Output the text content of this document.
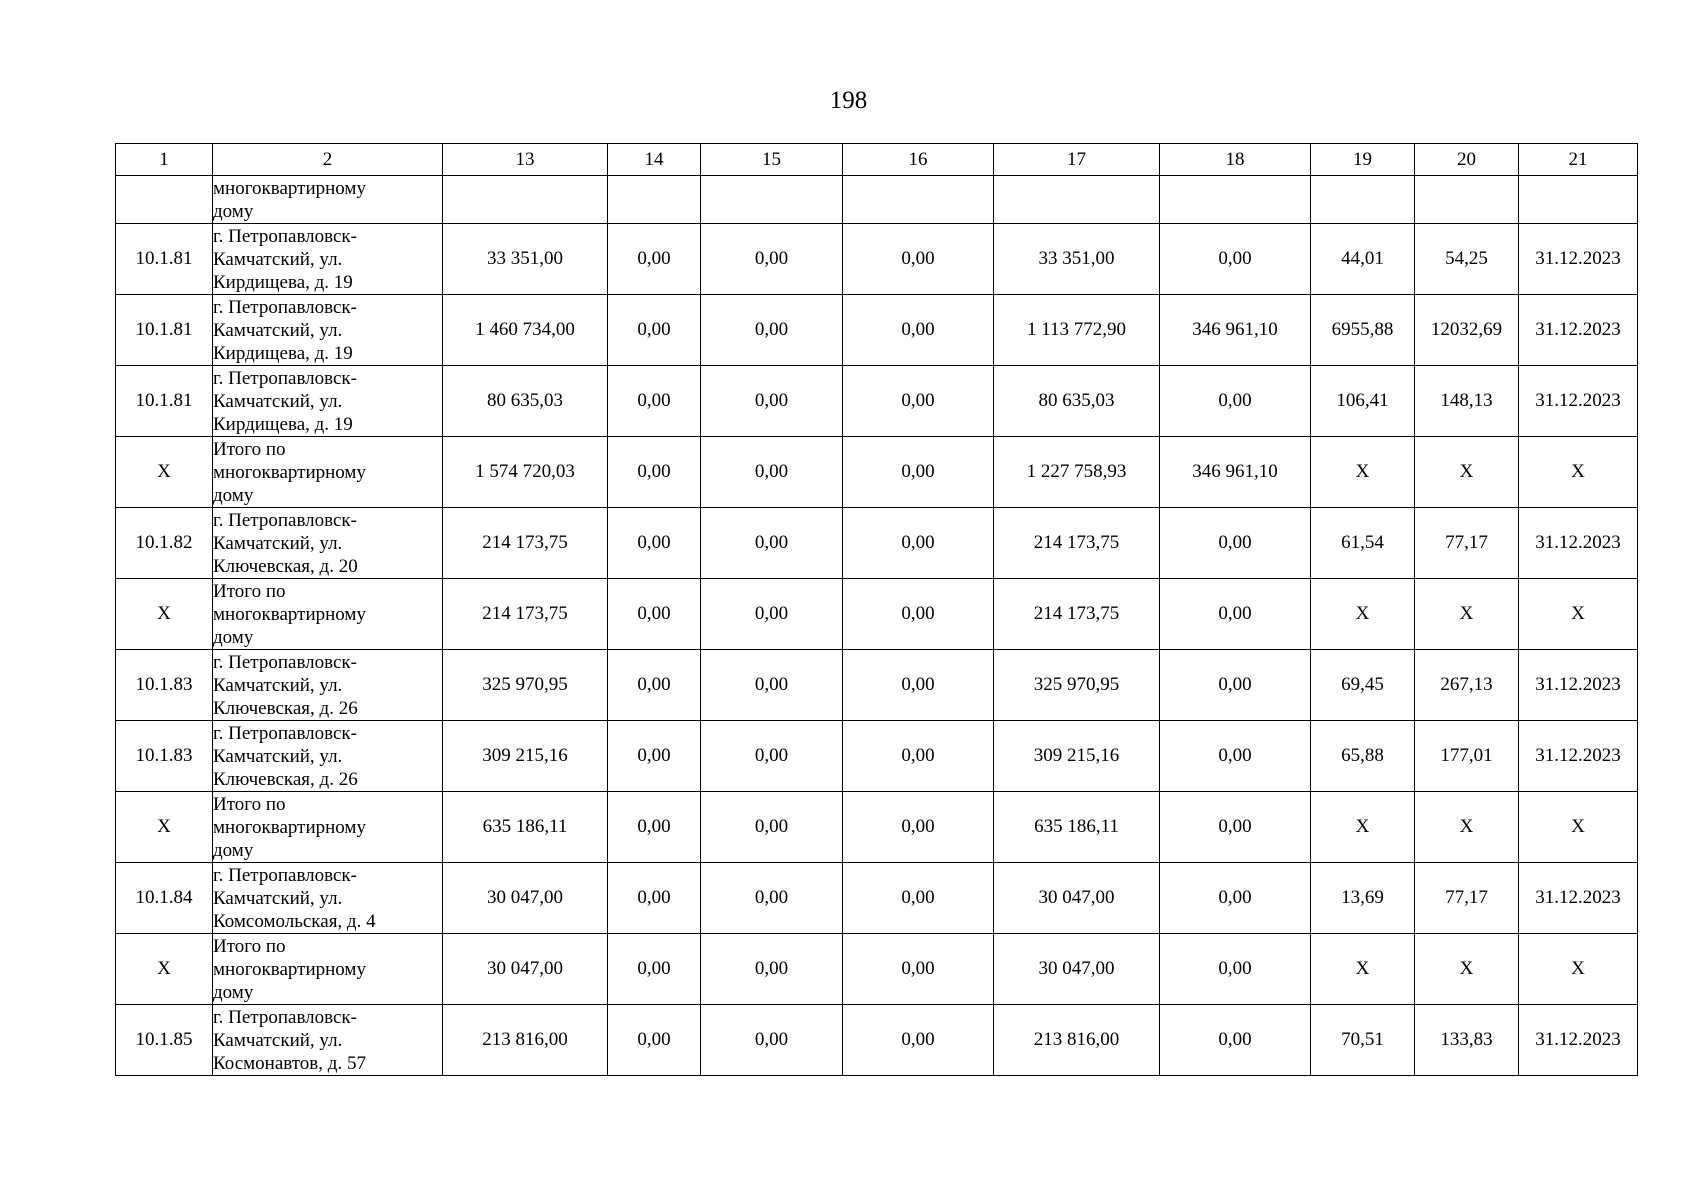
198
1	2	13	14	15	16	17	18	19	20	21
	многоквартирному
дому									
10.1.81	г. Петропавловск-
Камчатский, ул.
Кирдищева, д. 19	33 351,00	0,00	0,00	0,00	33 351,00	0,00	44,01	54,25	31.12.2023
10.1.81	г. Петропавловск-
Камчатский, ул.
Кирдищева, д. 19	1 460 734,00	0,00	0,00	0,00	1 113 772,90	346 961,10	6955,88	12032,69	31.12.2023
10.1.81	г. Петропавловск-
Камчатский, ул.
Кирдищева, д. 19	80 635,03	0,00	0,00	0,00	80 635,03	0,00	106,41	148,13	31.12.2023
X	Итого по
многоквартирному
дому	1 574 720,03	0,00	0,00	0,00	1 227 758,93	346 961,10	X	X	X
10.1.82	г. Петропавловск-
Камчатский, ул.
Ключевская, д. 20	214 173,75	0,00	0,00	0,00	214 173,75	0,00	61,54	77,17	31.12.2023
X	Итого по
многоквартирному
дому	214 173,75	0,00	0,00	0,00	214 173,75	0,00	X	X	X
10.1.83	г. Петропавловск-
Камчатский, ул.
Ключевская, д. 26	325 970,95	0,00	0,00	0,00	325 970,95	0,00	69,45	267,13	31.12.2023
10.1.83	г. Петропавловск-
Камчатский, ул.
Ключевская, д. 26	309 215,16	0,00	0,00	0,00	309 215,16	0,00	65,88	177,01	31.12.2023
X	Итого по
многоквартирному
дому	635 186,11	0,00	0,00	0,00	635 186,11	0,00	X	X	X
10.1.84	г. Петропавловск-
Камчатский, ул.
Комсомольская, д. 4	30 047,00	0,00	0,00	0,00	30 047,00	0,00	13,69	77,17	31.12.2023
X	Итого по
многоквартирному
дому	30 047,00	0,00	0,00	0,00	30 047,00	0,00	X	X	X
10.1.85	г. Петропавловск-
Камчатский, ул.
Космонавтов, д. 57	213 816,00	0,00	0,00	0,00	213 816,00	0,00	70,51	133,83	31.12.2023
